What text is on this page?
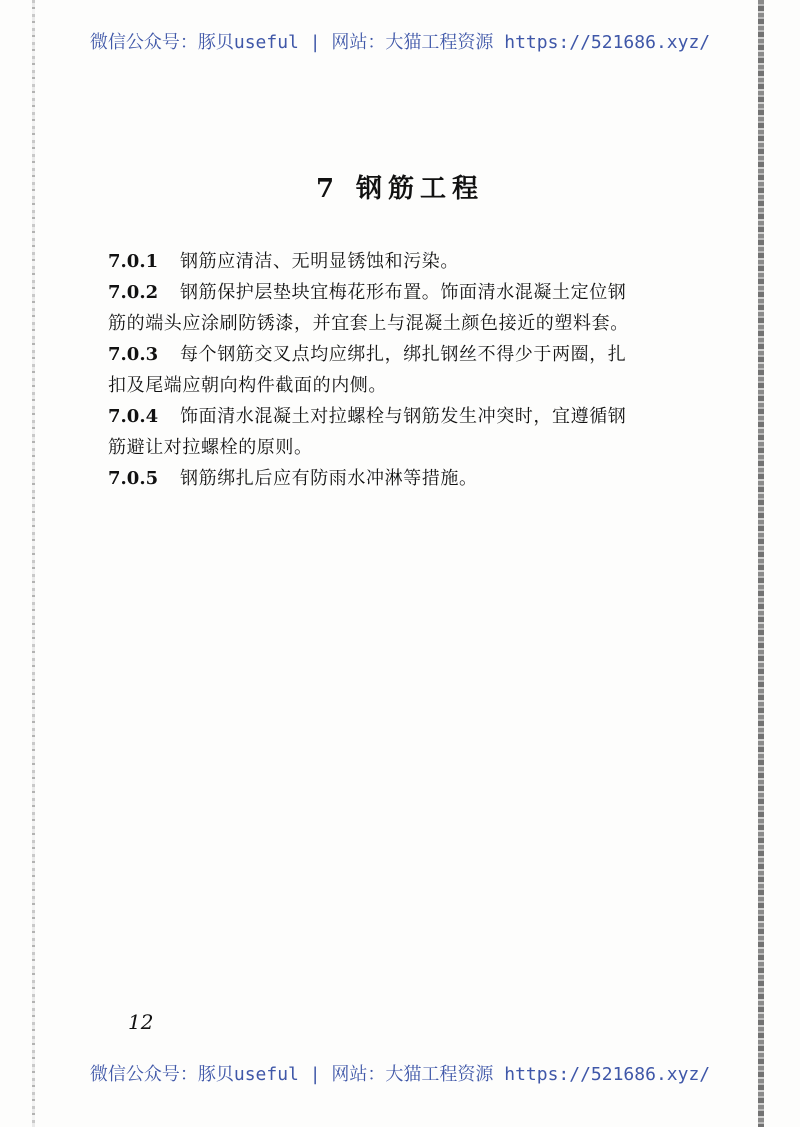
微信公众号：豚贝useful | 网站：大猫工程资源 https://521686.xyz/
7 钢筋工程

7.0.1 钢筋应清洁、无明显锈蚀和污染。

7.0.2 钢筋保护层垫块宜梅花形布置。饰面清水混凝土定位钢
筋的端头应涂刷防锈漆，并宜套上与混凝土颜色接近的塑料套。

7.0.3 每个钢筋交叉点均应绑扎，绑扎钢丝不得少于两圈，扎
扣及尾端应朝向构件截面的内侧。

7.0.4 饰面清水混凝土对拉螺栓与钢筋发生冲突时，宜遵循钢
筋避让对拉螺栓的原则。

7.0.5 钢筋绑扎后应有防雨水冲淋等措施。

12
微信公众号：豚贝useful | 网站：大猫工程资源 https://521686.xyz/
